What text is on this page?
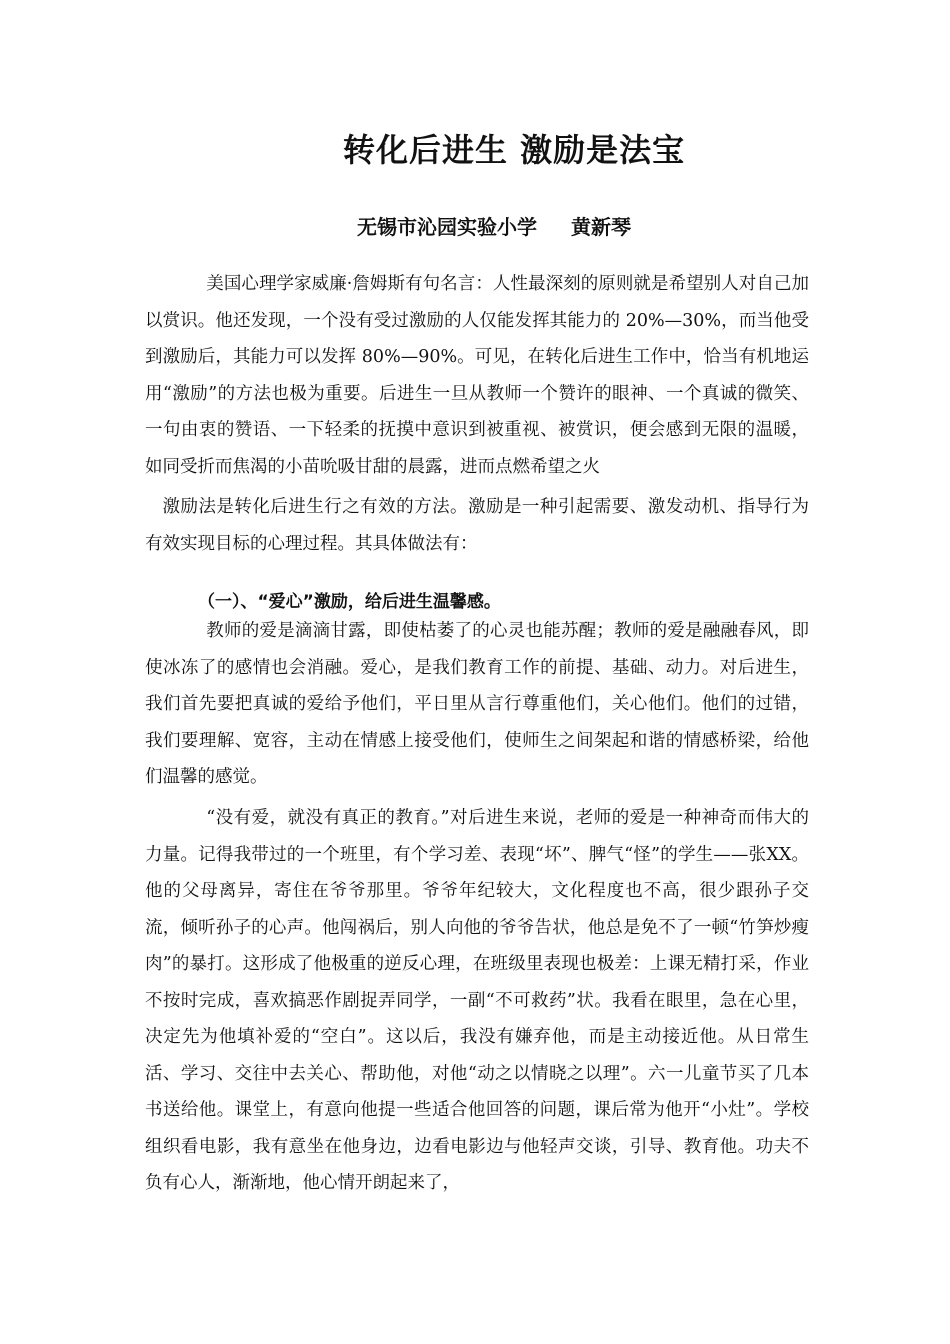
转化后进生 激励是法宝
无锡市沁园实验小学 黄新琴

美国心理学家威廉·詹姆斯有句名言：人性最深刻的原则就是希望别人对自己加以赏识。他还发现，一个没有受过激励的人仅能发挥其能力的 20%—30%，而当他受到激励后，其能力可以发挥 80%—90%。可见，在转化后进生工作中，恰当有机地运用“激励”的方法也极为重要。后进生一旦从教师一个赞许的眼神、一个真诚的微笑、一句由衷的赞语、一下轻柔的抚摸中意识到被重视、被赏识，便会感到无限的温暖，如同受折而焦渴的小苗吮吸甘甜的晨露，进而点燃希望之火

激励法是转化后进生行之有效的方法。激励是一种引起需要、激发动机、指导行为有效实现目标的心理过程。其具体做法有：

（一）、“爱心”激励，给后进生温馨感。

教师的爱是滴滴甘露，即使枯萎了的心灵也能苏醒；教师的爱是融融春风，即使冰冻了的感情也会消融。爱心，是我们教育工作的前提、基础、动力。对后进生，我们首先要把真诚的爱给予他们，平日里从言行尊重他们，关心他们。他们的过错，我们要理解、宽容，主动在情感上接受他们，使师生之间架起和谐的情感桥梁，给他们温馨的感觉。

“没有爱，就没有真正的教育。”对后进生来说，老师的爱是一种神奇而伟大的力量。记得我带过的一个班里，有个学习差、表现“坏”、脾气“怪”的学生——张XX。他的父母离异，寄住在爷爷那里。爷爷年纪较大，文化程度也不高，很少跟孙子交流，倾听孙子的心声。他闯祸后，别人向他的爷爷告状，他总是免不了一顿“竹笋炒瘦肉”的暴打。这形成了他极重的逆反心理，在班级里表现也极差：上课无精打采，作业不按时完成，喜欢搞恶作剧捉弄同学，一副“不可救药”状。我看在眼里，急在心里，决定先为他填补爱的“空白”。这以后，我没有嫌弃他，而是主动接近他。从日常生活、学习、交往中去关心、帮助他，对他“动之以情晓之以理”。六一儿童节买了几本书送给他。课堂上，有意向他提一些适合他回答的问题，课后常为他开“小灶”。学校组织看电影，我有意坐在他身边，边看电影边与他轻声交谈，引导、教育他。功夫不负有心人，渐渐地，他心情开朗起来了，
